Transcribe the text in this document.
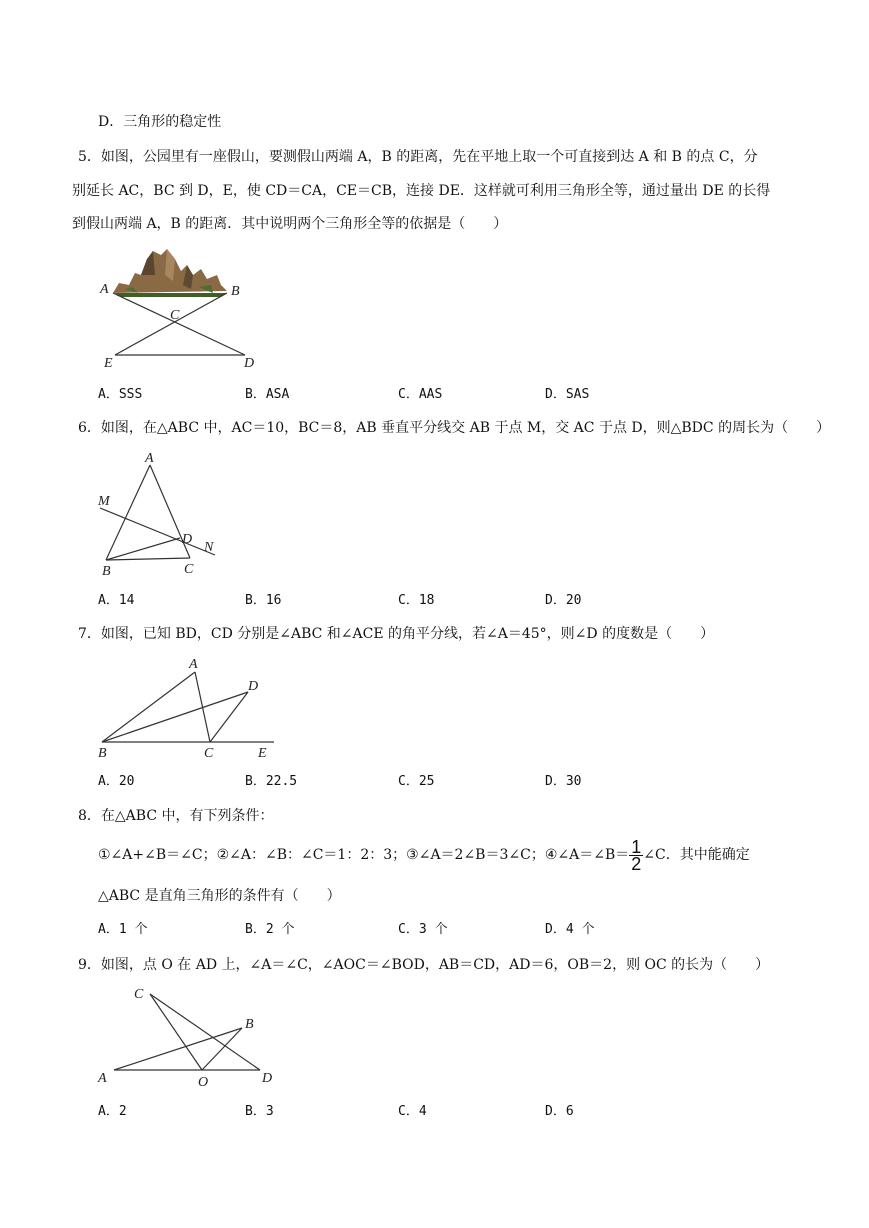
D．三角形的稳定性
5．如图，公园里有一座假山，要测假山两端 A，B 的距离，先在平地上取一个可直接到达 A 和 B 的点 C，分
别延长 AC，BC 到 D，E，使 CD＝CA，CE＝CB，连接 DE．这样就可利用三角形全等，通过量出 DE 的长得
到假山两端 A，B 的距离．其中说明两个三角形全等的依据是（　　）
A	B
C
E	D
A．SSS	B．ASA	C．AAS	D．SAS
6．如图，在△ABC 中，AC＝10，BC＝8，AB 垂直平分线交 AB 于点 M，交 AC 于点 D，则△BDC 的周长为（　　）
A
M
D
N
B	C
A．14	B．16	C．18	D．20
7．如图，已知 BD，CD 分别是∠ABC 和∠ACE 的角平分线，若∠A＝45°，则∠D 的度数是（　　）
A
D
B	C	E
A．20	B．22.5	C．25	D．30
8．在△ABC 中，有下列条件：
①∠A+∠B＝∠C；②∠A：∠B：∠C＝1：2：3；③∠A＝2∠B＝3∠C；④∠A＝∠B＝ $\frac{1}{2}$ ∠C．其中能确定
△ABC 是直角三角形的条件有（　　）
A．1 个	B．2 个	C．3 个	D．4 个
9．如图，点 O 在 AD 上，∠A＝∠C，∠AOC＝∠BOD，AB＝CD，AD＝6，OB＝2，则 OC 的长为（　　）
C
B
A	O	D
A．2	B．3	C．4	D．6
